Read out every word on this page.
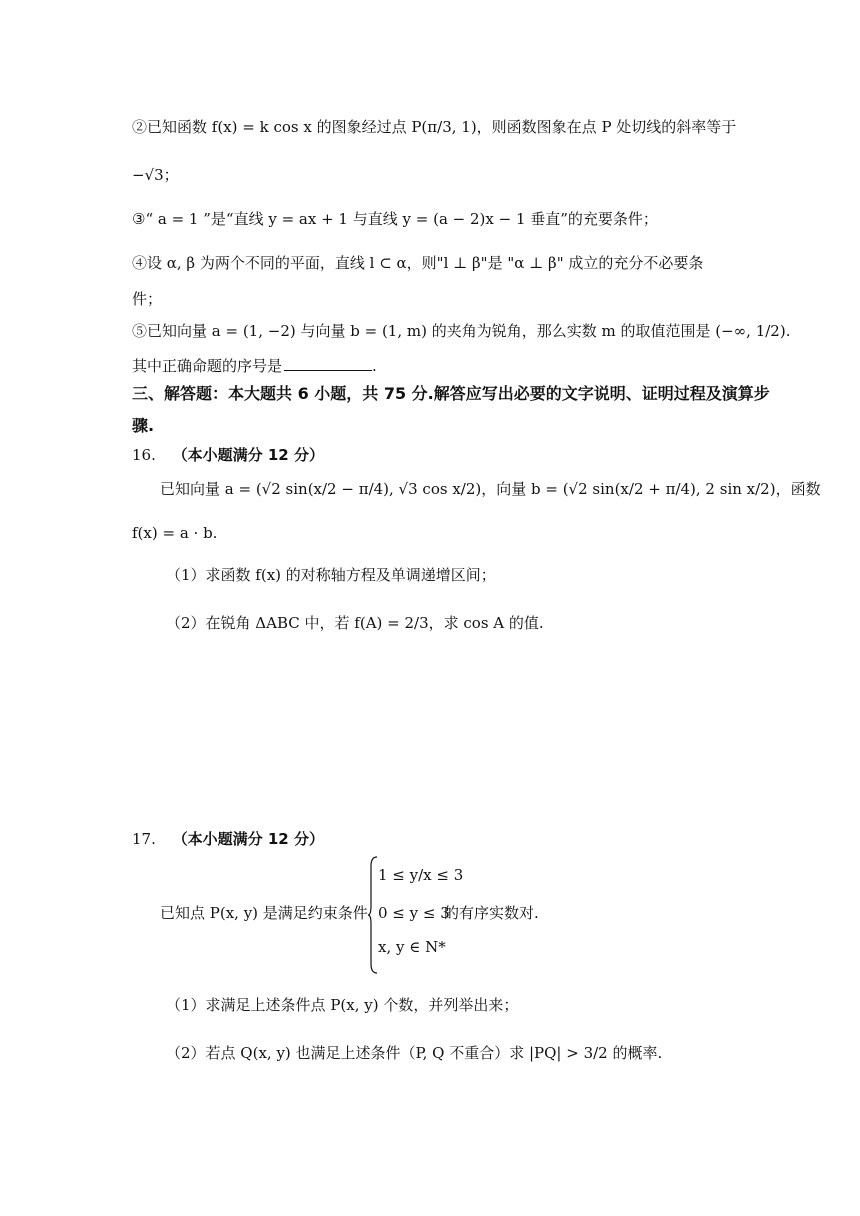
②已知函数 f(x) = k cos x 的图象经过点 P(π/3, 1)，则函数图象在点 P 处切线的斜率等于
−√3；
③“ a = 1 ”是“直线 y = ax + 1 与直线 y = (a − 2)x − 1 垂直”的充要条件；
④设 α, β 为两个不同的平面，直线 l ⊂ α，则"l ⊥ β"是 "α ⊥ β" 成立的充分不必要条
件；
⑤已知向量 a = (1, −2) 与向量 b = (1, m) 的夹角为锐角，那么实数 m 的取值范围是 (−∞, 1/2).
其中正确命题的序号是	.
三、解答题：本大题共 6 小题，共 75 分.解答应写出必要的文字说明、证明过程及演算步
骤.
16. （本小题满分 12 分）
已知向量 a = (√2 sin(x/2 − π/4), √3 cos x/2)，向量 b = (√2 sin(x/2 + π/4), 2 sin x/2)，函数
f(x) = a · b.
（1）求函数 f(x) 的对称轴方程及单调递增区间；
（2）在锐角 ΔABC 中，若 f(A) = 2/3，求 cos A 的值.
17. （本小题满分 12 分）
已知点 P(x, y) 是满足约束条件
1 ≤ y/x ≤ 3
0 ≤ y ≤ 3
x, y ∈ N*
的有序实数对.
（1）求满足上述条件点 P(x, y) 个数，并列举出来；
（2）若点 Q(x, y) 也满足上述条件（P, Q 不重合）求 |PQ| > 3/2 的概率.
